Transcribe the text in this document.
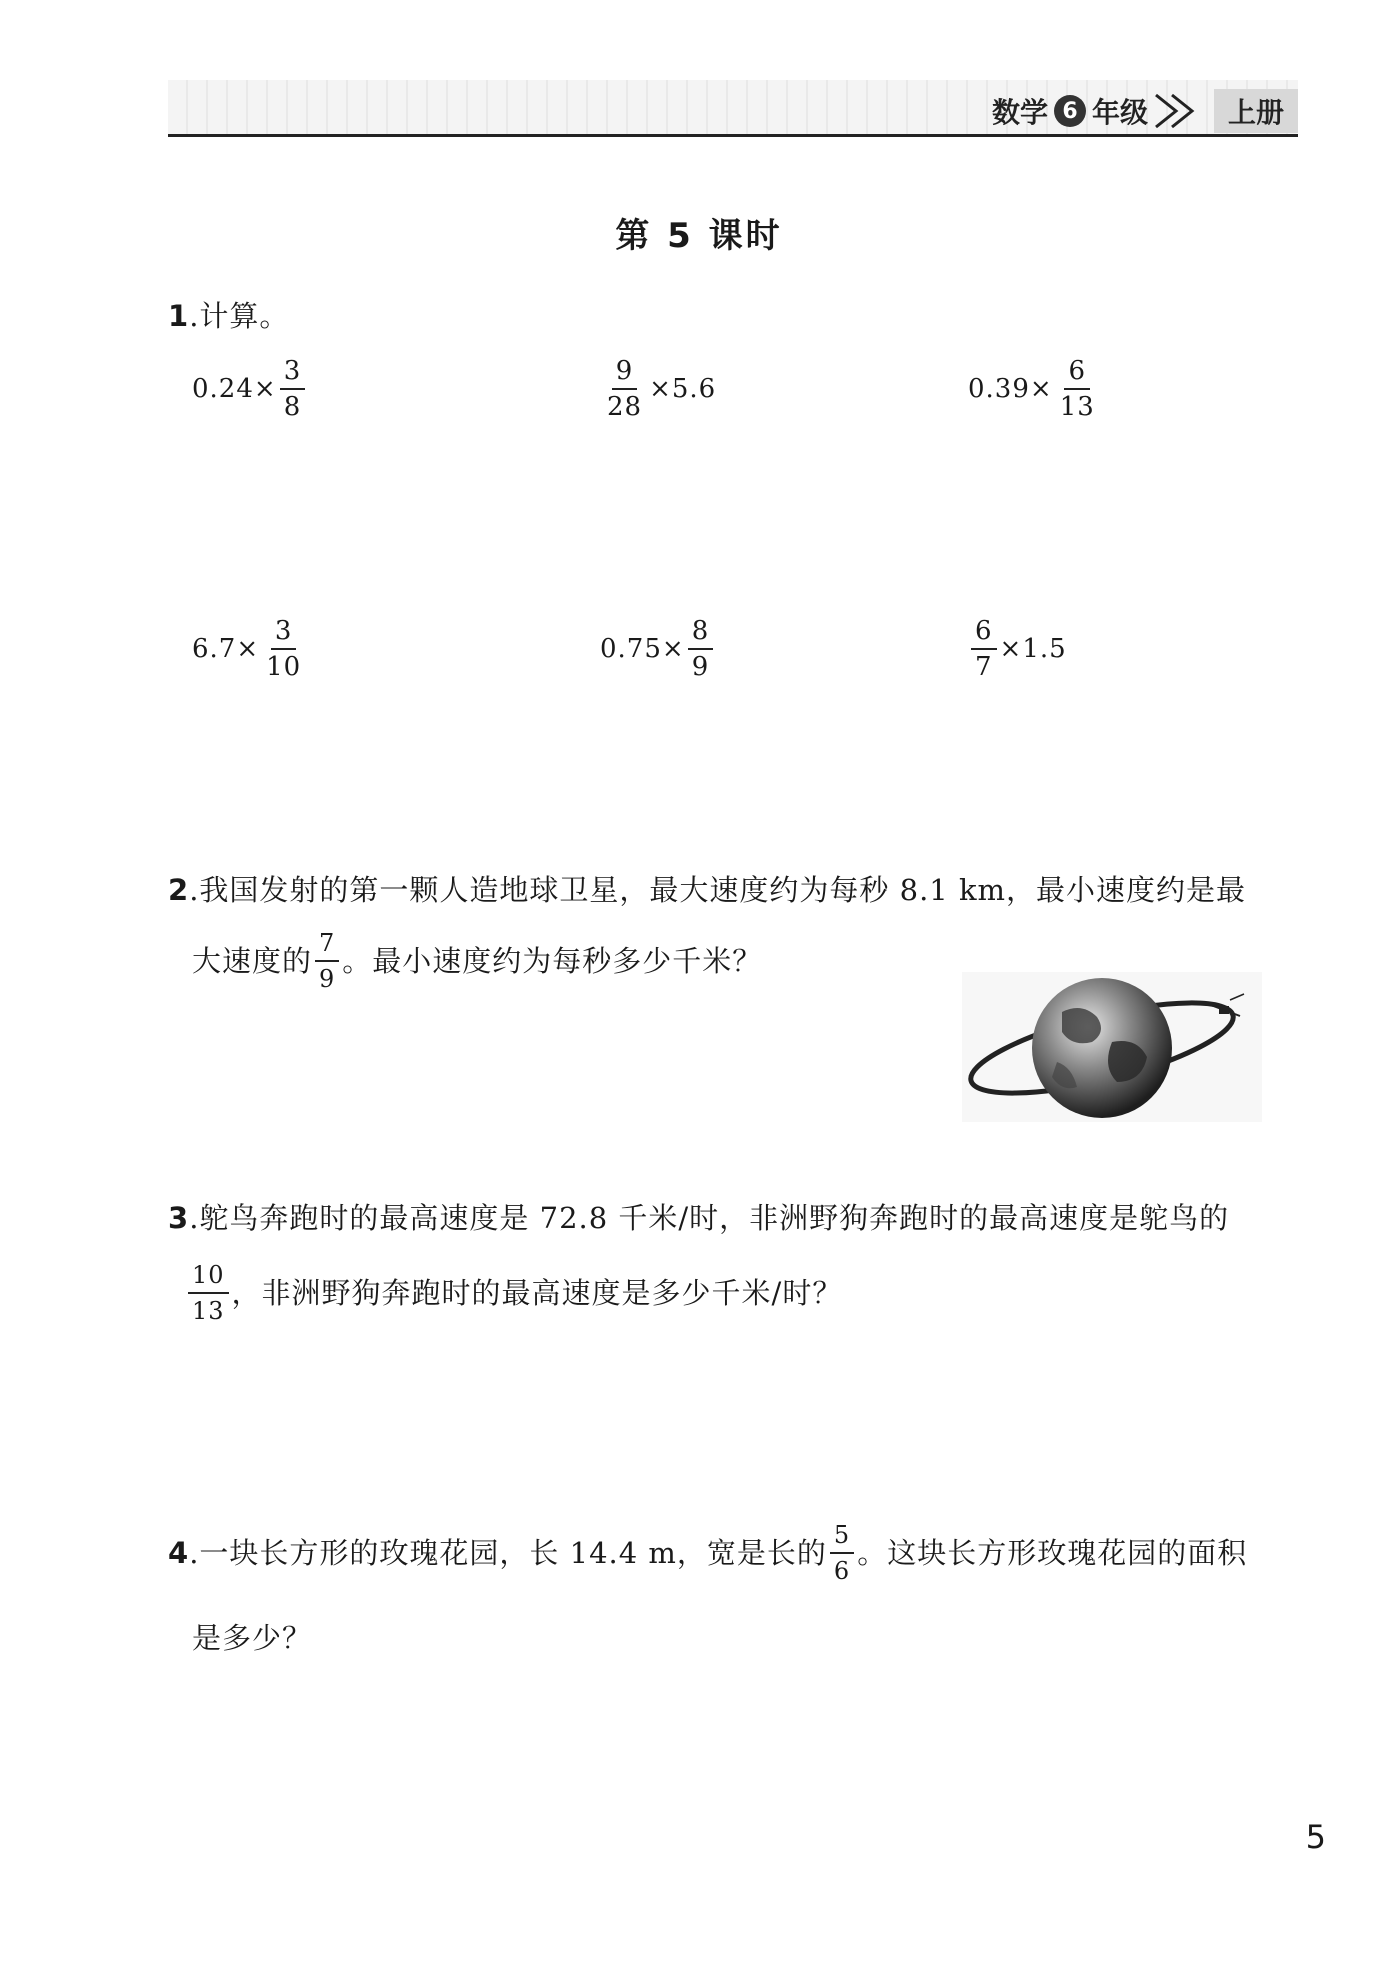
数学 6 年级	上册
第 5 课时
1.计算。
$0.24\times \frac{3}{8}$	$\frac{9}{28} \times 5.6$	$0.39\times \frac{6}{13}$
$6.7\times \frac{3}{10}$	$0.75\times \frac{8}{9}$	$\frac{6}{7} \times 1.5$
2.我国发射的第一颗人造地球卫星，最大速度约为每秒 8.1 km，最小速度约是最
大速度的 $\frac{7}{9}$ 。最小速度约为每秒多少千米？
3.鸵鸟奔跑时的最高速度是 72.8 千米/时，非洲野狗奔跑时的最高速度是鸵鸟的
$\frac{10}{13}$ ，非洲野狗奔跑时的最高速度是多少千米/时？
4 .一块长方形的玫瑰花园，长 14.4 m，宽是长的 $\frac{5}{6}$ 。这块长方形玫瑰花园的面积
是多少？
5
